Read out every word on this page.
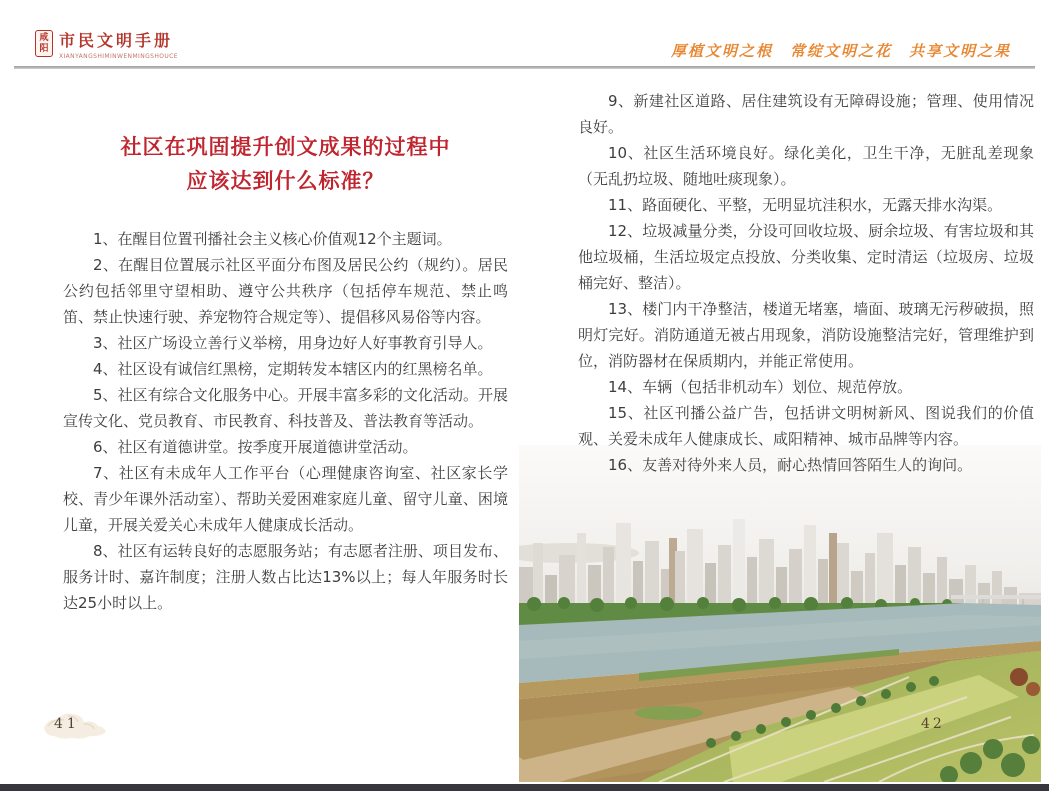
咸阳 市民文明手册
XIANYANGSHIMINWENMINGSHOUCE	厚植文明之根　常绽文明之花　共享文明之果
社区在巩固提升创文成果的过程中
应该达到什么标准？

1、在醒目位置刊播社会主义核心价值观12个主题词。

2、在醒目位置展示社区平面分布图及居民公约（规约）。居民公约包括邻里守望相助、遵守公共秩序（包括停车规范、禁止鸣笛、禁止快速行驶、养宠物符合规定等）、提倡移风易俗等内容。

3、社区广场设立善行义举榜，用身边好人好事教育引导人。

4、社区设有诚信红黑榜，定期转发本辖区内的红黑榜名单。

5、社区有综合文化服务中心。开展丰富多彩的文化活动。开展宣传文化、党员教育、市民教育、科技普及、普法教育等活动。

6、社区有道德讲堂。按季度开展道德讲堂活动。

7、社区有未成年人工作平台（心理健康咨询室、社区家长学校、青少年课外活动室）、帮助关爱困难家庭儿童、留守儿童、困境儿童，开展关爱关心未成年人健康成长活动。

8、社区有运转良好的志愿服务站；有志愿者注册、项目发布、服务计时、嘉许制度；注册人数占比达13%以上；每人年服务时长达25小时以上。

41

9、新建社区道路、居住建筑设有无障碍设施；管理、使用情况良好。

10、社区生活环境良好。绿化美化，卫生干净，无脏乱差现象（无乱扔垃圾、随地吐痰现象）。

11、路面硬化、平整，无明显坑洼积水，无露天排水沟渠。

12、垃圾减量分类，分设可回收垃圾、厨余垃圾、有害垃圾和其他垃圾桶，生活垃圾定点投放、分类收集、定时清运（垃圾房、垃圾桶完好、整洁）。

13、楼门内干净整洁，楼道无堵塞，墙面、玻璃无污秽破损，照明灯完好。消防通道无被占用现象，消防设施整洁完好，管理维护到位，消防器材在保质期内，并能正常使用。

14、车辆（包括非机动车）划位、规范停放。

15、社区刊播公益广告，包括讲文明树新风、图说我们的价值观、关爱未成年人健康成长、咸阳精神、城市品牌等内容。

16、友善对待外来人员，耐心热情回答陌生人的询问。

42
